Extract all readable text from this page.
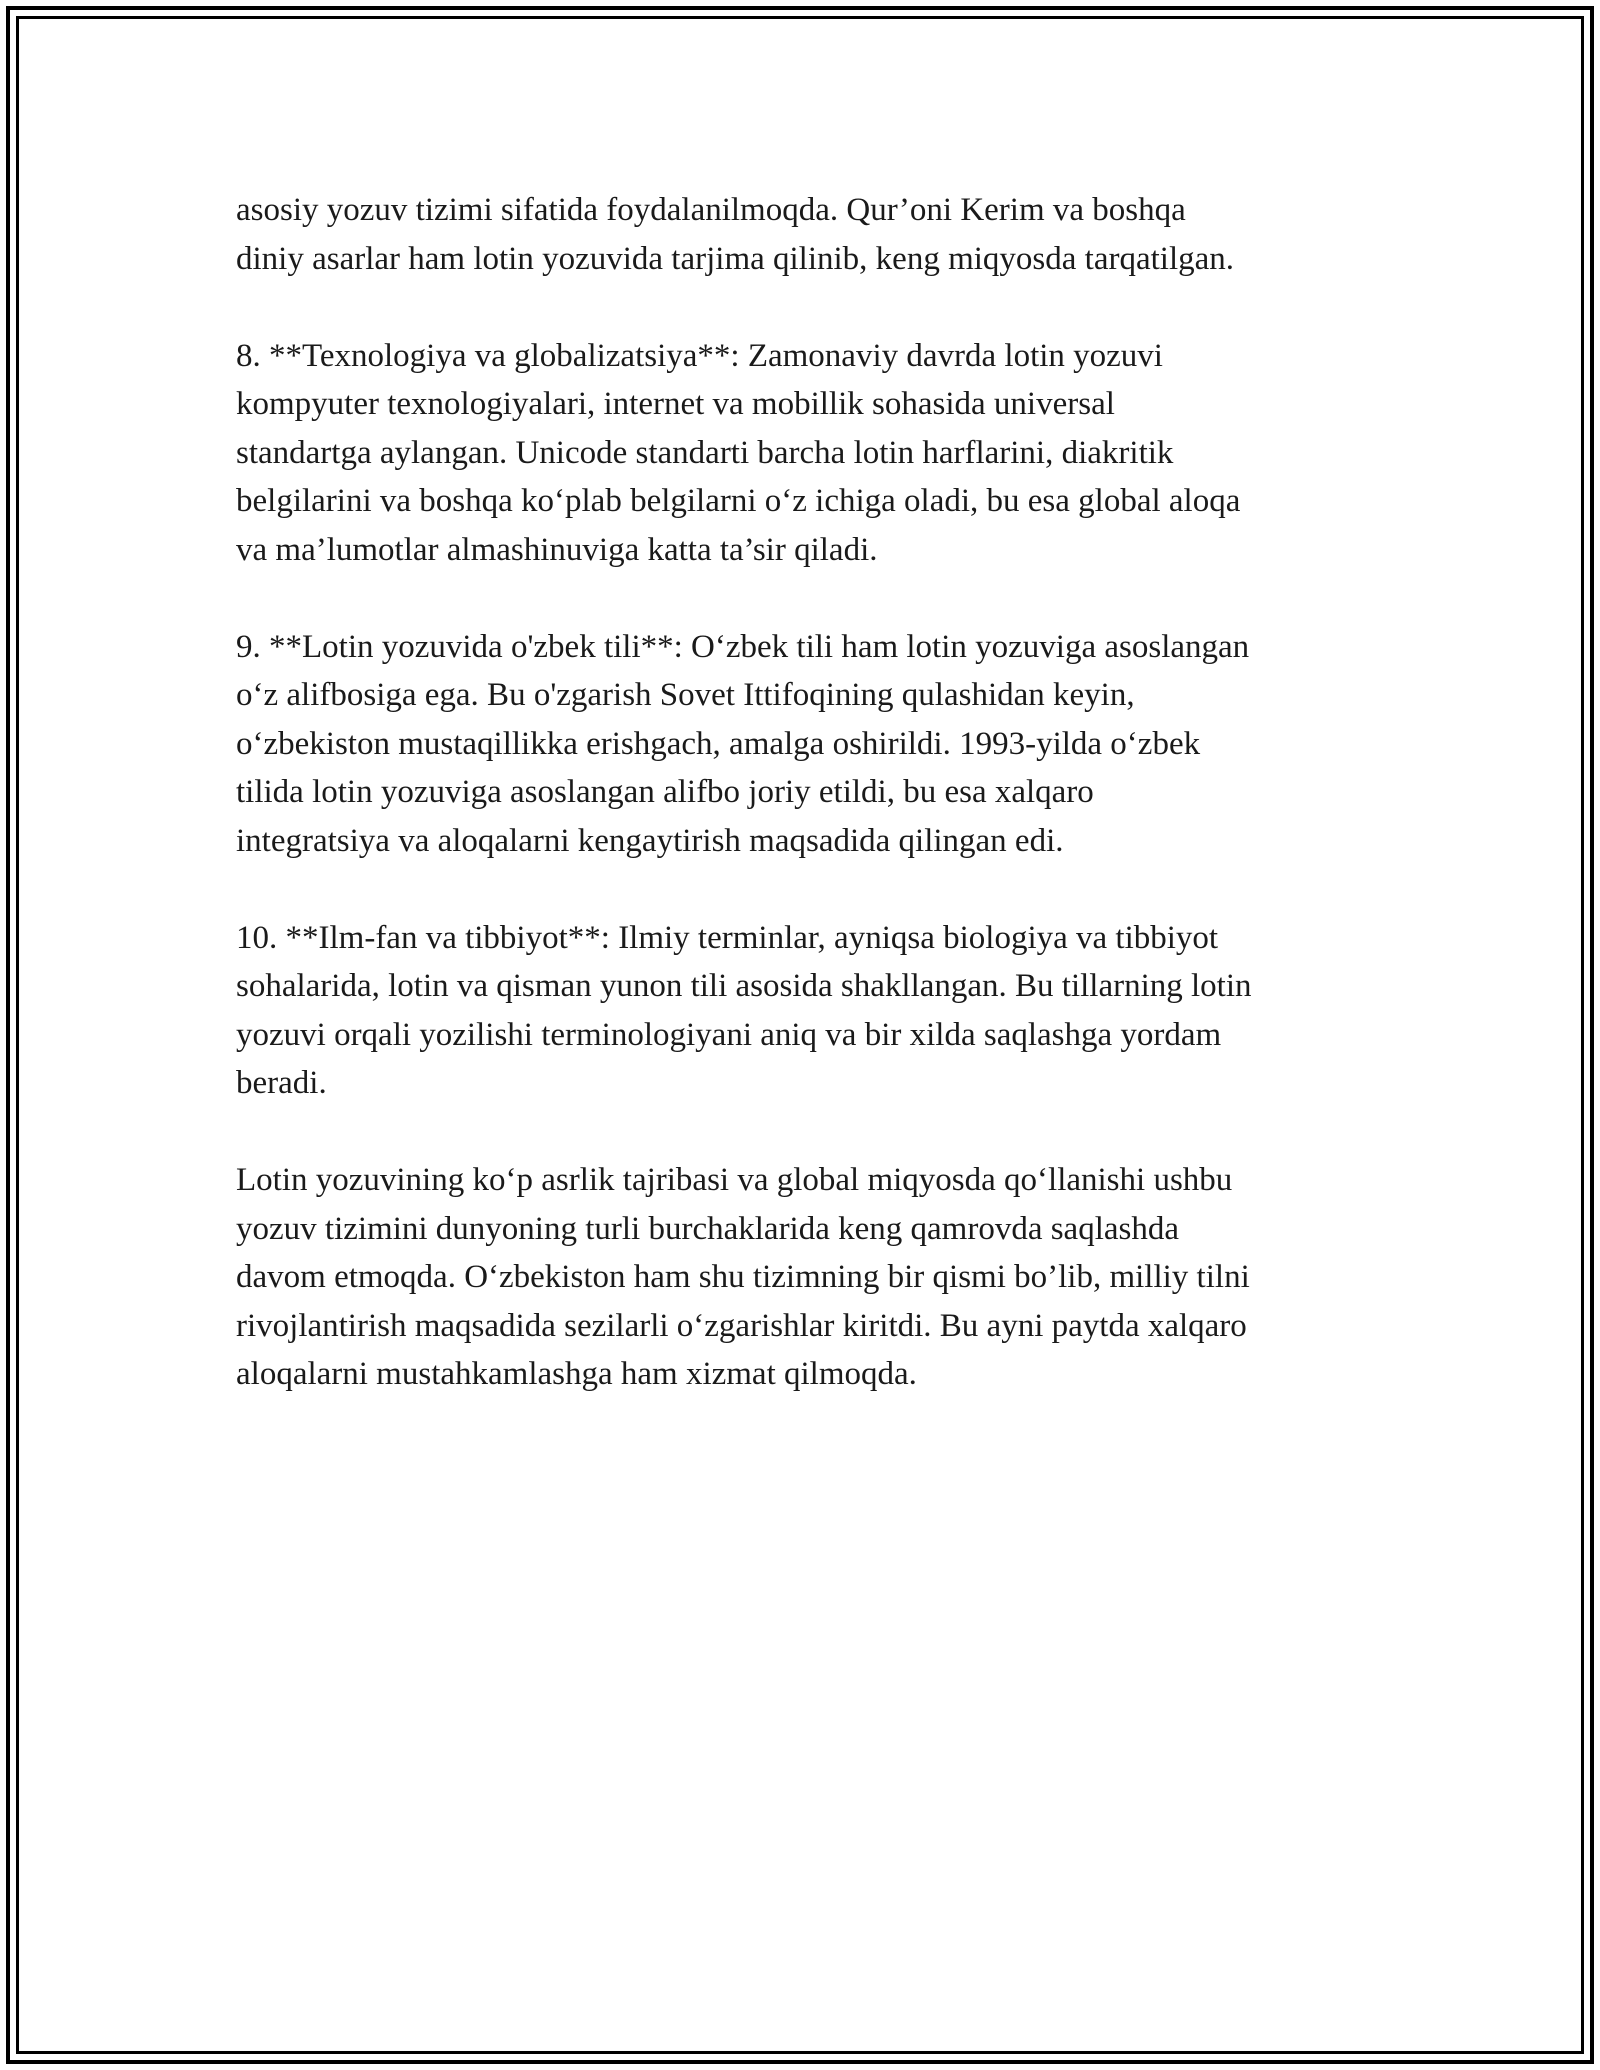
asosiy yozuv tizimi sifatida foydalanilmoqda. Qur’oni Kerim va boshqa
diniy asarlar ham lotin yozuvida tarjima qilinib, keng miqyosda tarqatilgan.

8. **Texnologiya va globalizatsiya**: Zamonaviy davrda lotin yozuvi
kompyuter texnologiyalari, internet va mobillik sohasida universal
standartga aylangan. Unicode standarti barcha lotin harflarini, diakritik
belgilarini va boshqa ko‘plab belgilarni o‘z ichiga oladi, bu esa global aloqa
va ma’lumotlar almashinuviga katta ta’sir qiladi.

9. **Lotin yozuvida o'zbek tili**: O‘zbek tili ham lotin yozuviga asoslangan
o‘z alifbosiga ega. Bu o'zgarish Sovet Ittifoqining qulashidan keyin,
o‘zbekiston mustaqillikka erishgach, amalga oshirildi. 1993-yilda o‘zbek
tilida lotin yozuviga asoslangan alifbo joriy etildi, bu esa xalqaro
integratsiya va aloqalarni kengaytirish maqsadida qilingan edi.

10. **Ilm-fan va tibbiyot**: Ilmiy terminlar, ayniqsa biologiya va tibbiyot
sohalarida, lotin va qisman yunon tili asosida shakllangan. Bu tillarning lotin
yozuvi orqali yozilishi terminologiyani aniq va bir xilda saqlashga yordam
beradi.

Lotin yozuvining ko‘p asrlik tajribasi va global miqyosda qo‘llanishi ushbu
yozuv tizimini dunyoning turli burchaklarida keng qamrovda saqlashda
davom etmoqda. O‘zbekiston ham shu tizimning bir qismi bo’lib, milliy tilni
rivojlantirish maqsadida sezilarli o‘zgarishlar kiritdi. Bu ayni paytda xalqaro
aloqalarni mustahkamlashga ham xizmat qilmoqda.
